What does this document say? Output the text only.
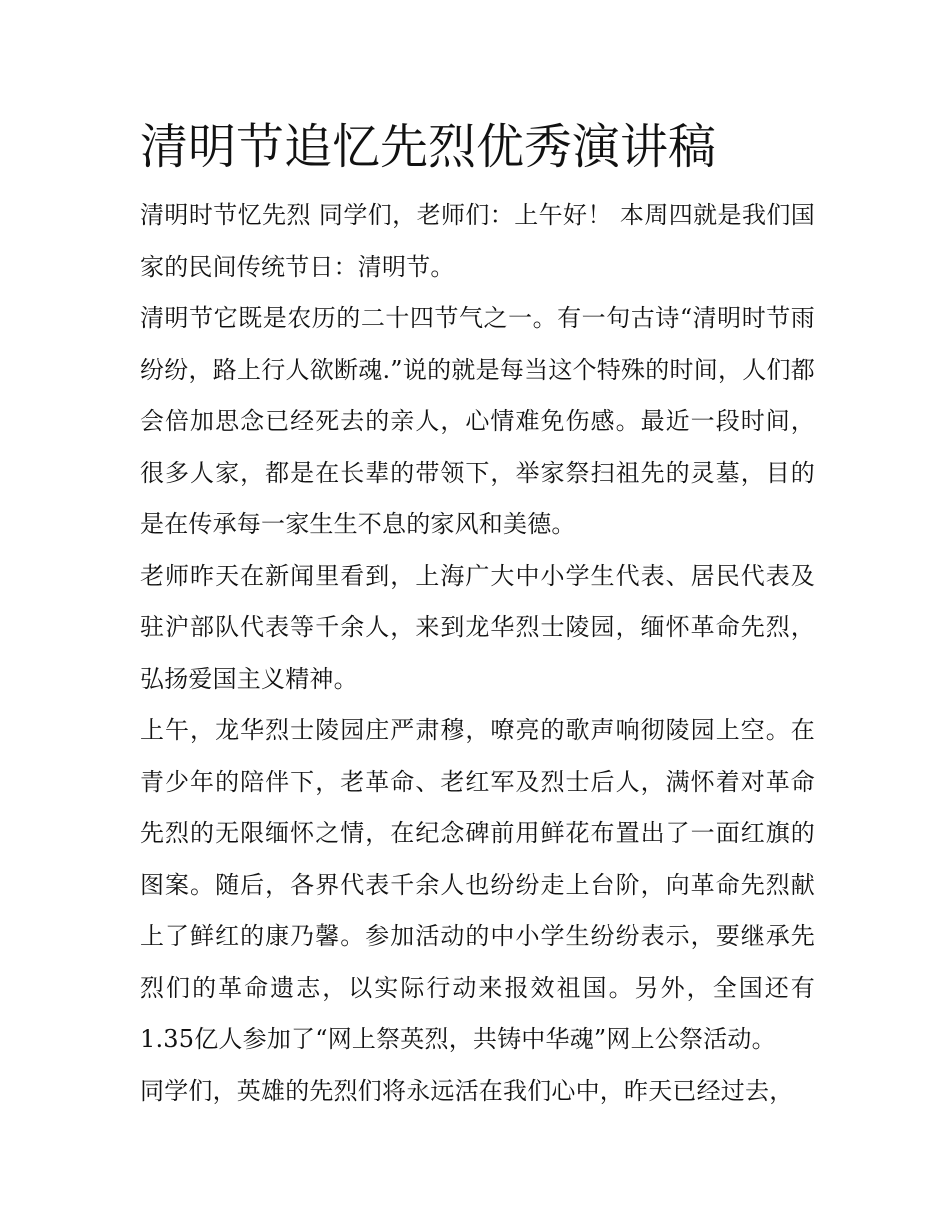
清明节追忆先烈优秀演讲稿

清明时节忆先烈 同学们，老师们：上午好！ 本周四就是我们国家的民间传统节日：清明节。

清明节它既是农历的二十四节气之一。有一句古诗“清明时节雨纷纷，路上行人欲断魂.”说的就是每当这个特殊的时间，人们都会倍加思念已经死去的亲人，心情难免伤感。最近一段时间，很多人家，都是在长辈的带领下，举家祭扫祖先的灵墓，目的是在传承每一家生生不息的家风和美德。

老师昨天在新闻里看到，上海广大中小学生代表、居民代表及驻沪部队代表等千余人，来到龙华烈士陵园，缅怀革命先烈，弘扬爱国主义精神。

上午，龙华烈士陵园庄严肃穆，嘹亮的歌声响彻陵园上空。在青少年的陪伴下，老革命、老红军及烈士后人，满怀着对革命先烈的无限缅怀之情，在纪念碑前用鲜花布置出了一面红旗的图案。随后，各界代表千余人也纷纷走上台阶，向革命先烈献上了鲜红的康乃馨。参加活动的中小学生纷纷表示，要继承先烈们的革命遗志，以实际行动来报效祖国。另外，全国还有1.35亿人参加了“网上祭英烈，共铸中华魂”网上公祭活动。

同学们，英雄的先烈们将永远活在我们心中，昨天已经过去，
